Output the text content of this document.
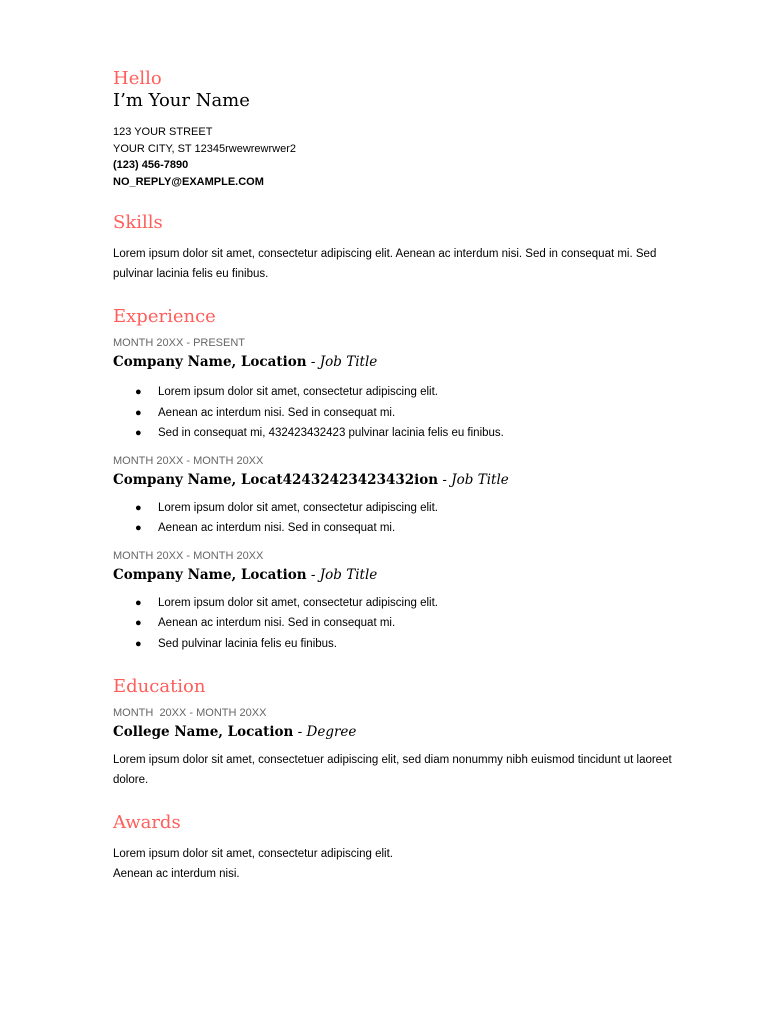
Hello
I’m Your Name
123 YOUR STREET
YOUR CITY, ST 12345rwewrewrwer2
(123) 456-7890
NO_REPLY@EXAMPLE.COM
Skills
Lorem ipsum dolor sit amet, consectetur adipiscing elit. Aenean ac interdum nisi. Sed in consequat mi. Sed pulvinar lacinia felis eu finibus.
Experience
MONTH 20XX - PRESENT
Company Name, Location - Job Title
● Lorem ipsum dolor sit amet, consectetur adipiscing elit.
● Aenean ac interdum nisi. Sed in consequat mi.
● Sed in consequat mi, 432423432423 pulvinar lacinia felis eu finibus.
MONTH 20XX - MONTH 20XX
Company Name, Locat42432423423432ion - Job Title
● Lorem ipsum dolor sit amet, consectetur adipiscing elit.
● Aenean ac interdum nisi. Sed in consequat mi.
MONTH 20XX - MONTH 20XX
Company Name, Location - Job Title
● Lorem ipsum dolor sit amet, consectetur adipiscing elit.
● Aenean ac interdum nisi. Sed in consequat mi.
● Sed pulvinar lacinia felis eu finibus.
Education
MONTH  20XX - MONTH 20XX
College Name, Location - Degree
Lorem ipsum dolor sit amet, consectetuer adipiscing elit, sed diam nonummy nibh euismod tincidunt ut laoreet dolore.
Awards
Lorem ipsum dolor sit amet, consectetur adipiscing elit.
Aenean ac interdum nisi.
